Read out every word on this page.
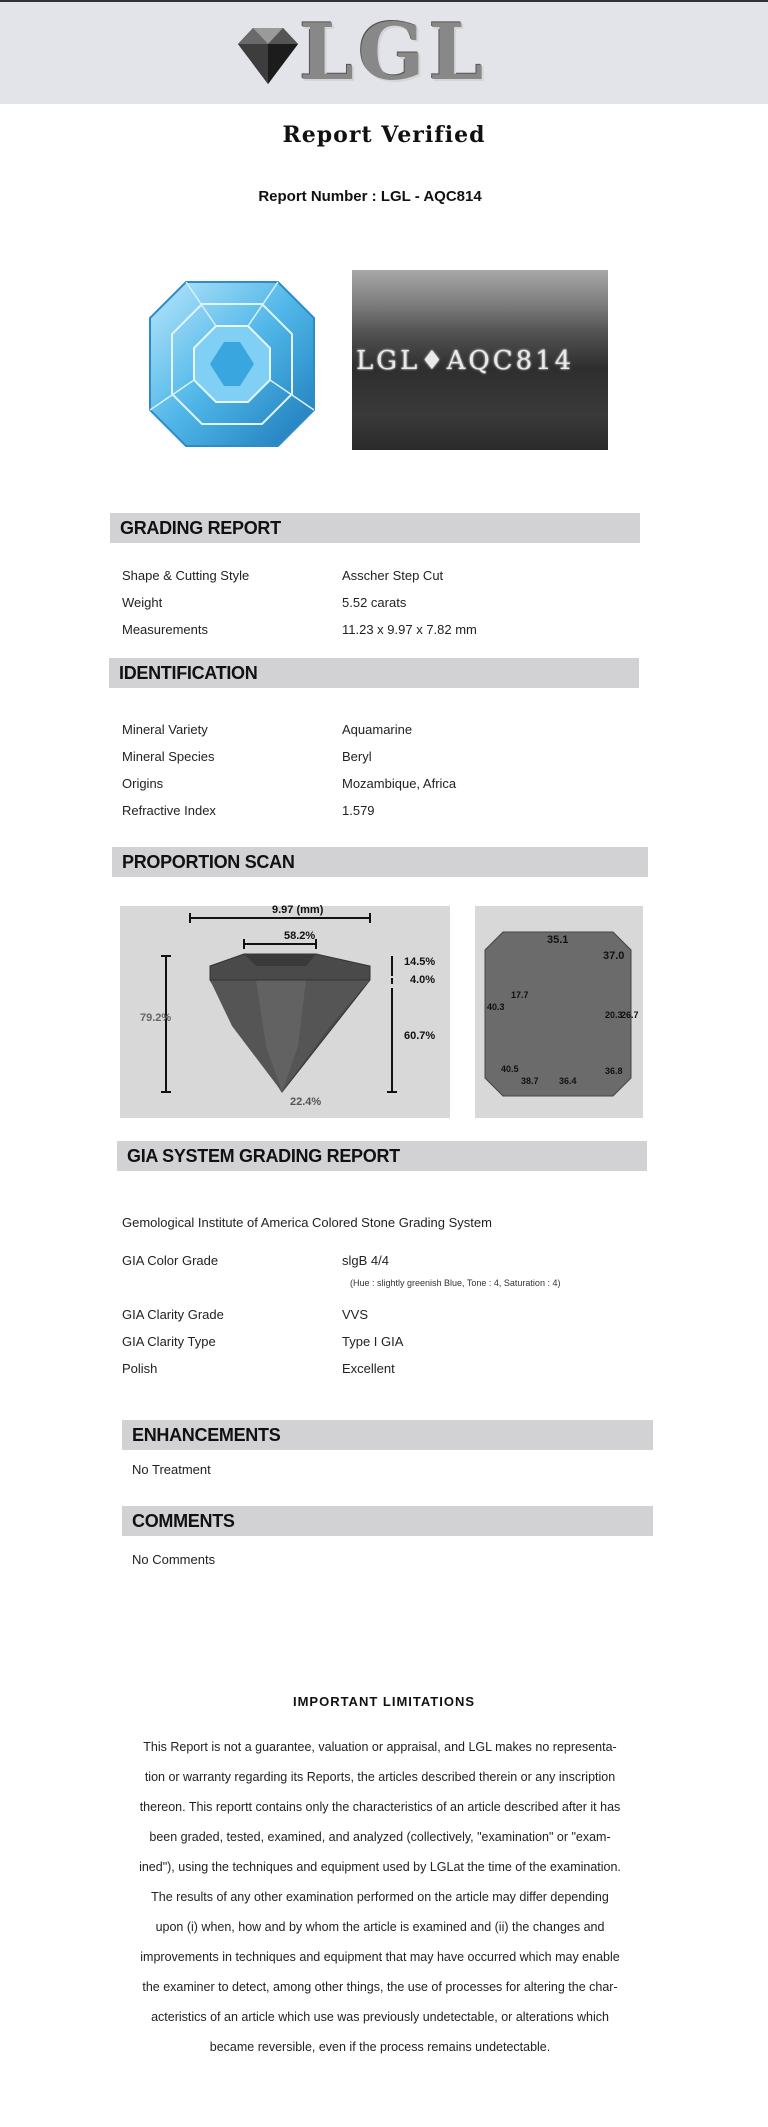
LGL
Report Verified
Report Number : LGL - AQC814
LGL♦AQC814
GRADING REPORT
Shape & Cutting Style	Asscher Step Cut
Weight	5.52 carats
Measurements	11.23 x 9.97 x 7.82 mm
IDENTIFICATION
Mineral Variety	Aquamarine
Mineral Species	Beryl
Origins	Mozambique, Africa
Refractive Index	1.579
PROPORTION SCAN
9.97 (mm)
58.2%
79.2%
14.5%
4.0%
60.7%
22.4%
35.1
37.0
17.7
40.3
20.3
26.7
40.5
38.7 36.4
36.8
GIA SYSTEM GRADING REPORT
Gemological Institute of America Colored Stone Grading System
GIA Color Grade	slgB 4/4
(Hue : slightly greenish Blue, Tone : 4, Saturation : 4)
GIA Clarity Grade	VVS
GIA Clarity Type	Type I GIA
Polish	Excellent
ENHANCEMENTS
No Treatment
COMMENTS
No Comments
IMPORTANT LIMITATIONS
This Report is not a guarantee, valuation or appraisal, and LGL makes no representa-
tion or warranty regarding its Reports, the articles described therein or any inscription
thereon. This reportt contains only the characteristics of an article described after it has
been graded, tested, examined, and analyzed (collectively, "examination" or "exam-
ined"), using the techniques and equipment used by LGLat the time of the examination.
The results of any other examination performed on the article may differ depending
upon (i) when, how and by whom the article is examined and (ii) the changes and
improvements in techniques and equipment that may have occurred which may enable
the examiner to detect, among other things, the use of processes for altering the char-
acteristics of an article which use was previously undetectable, or alterations which
became reversible, even if the process remains undetectable.
